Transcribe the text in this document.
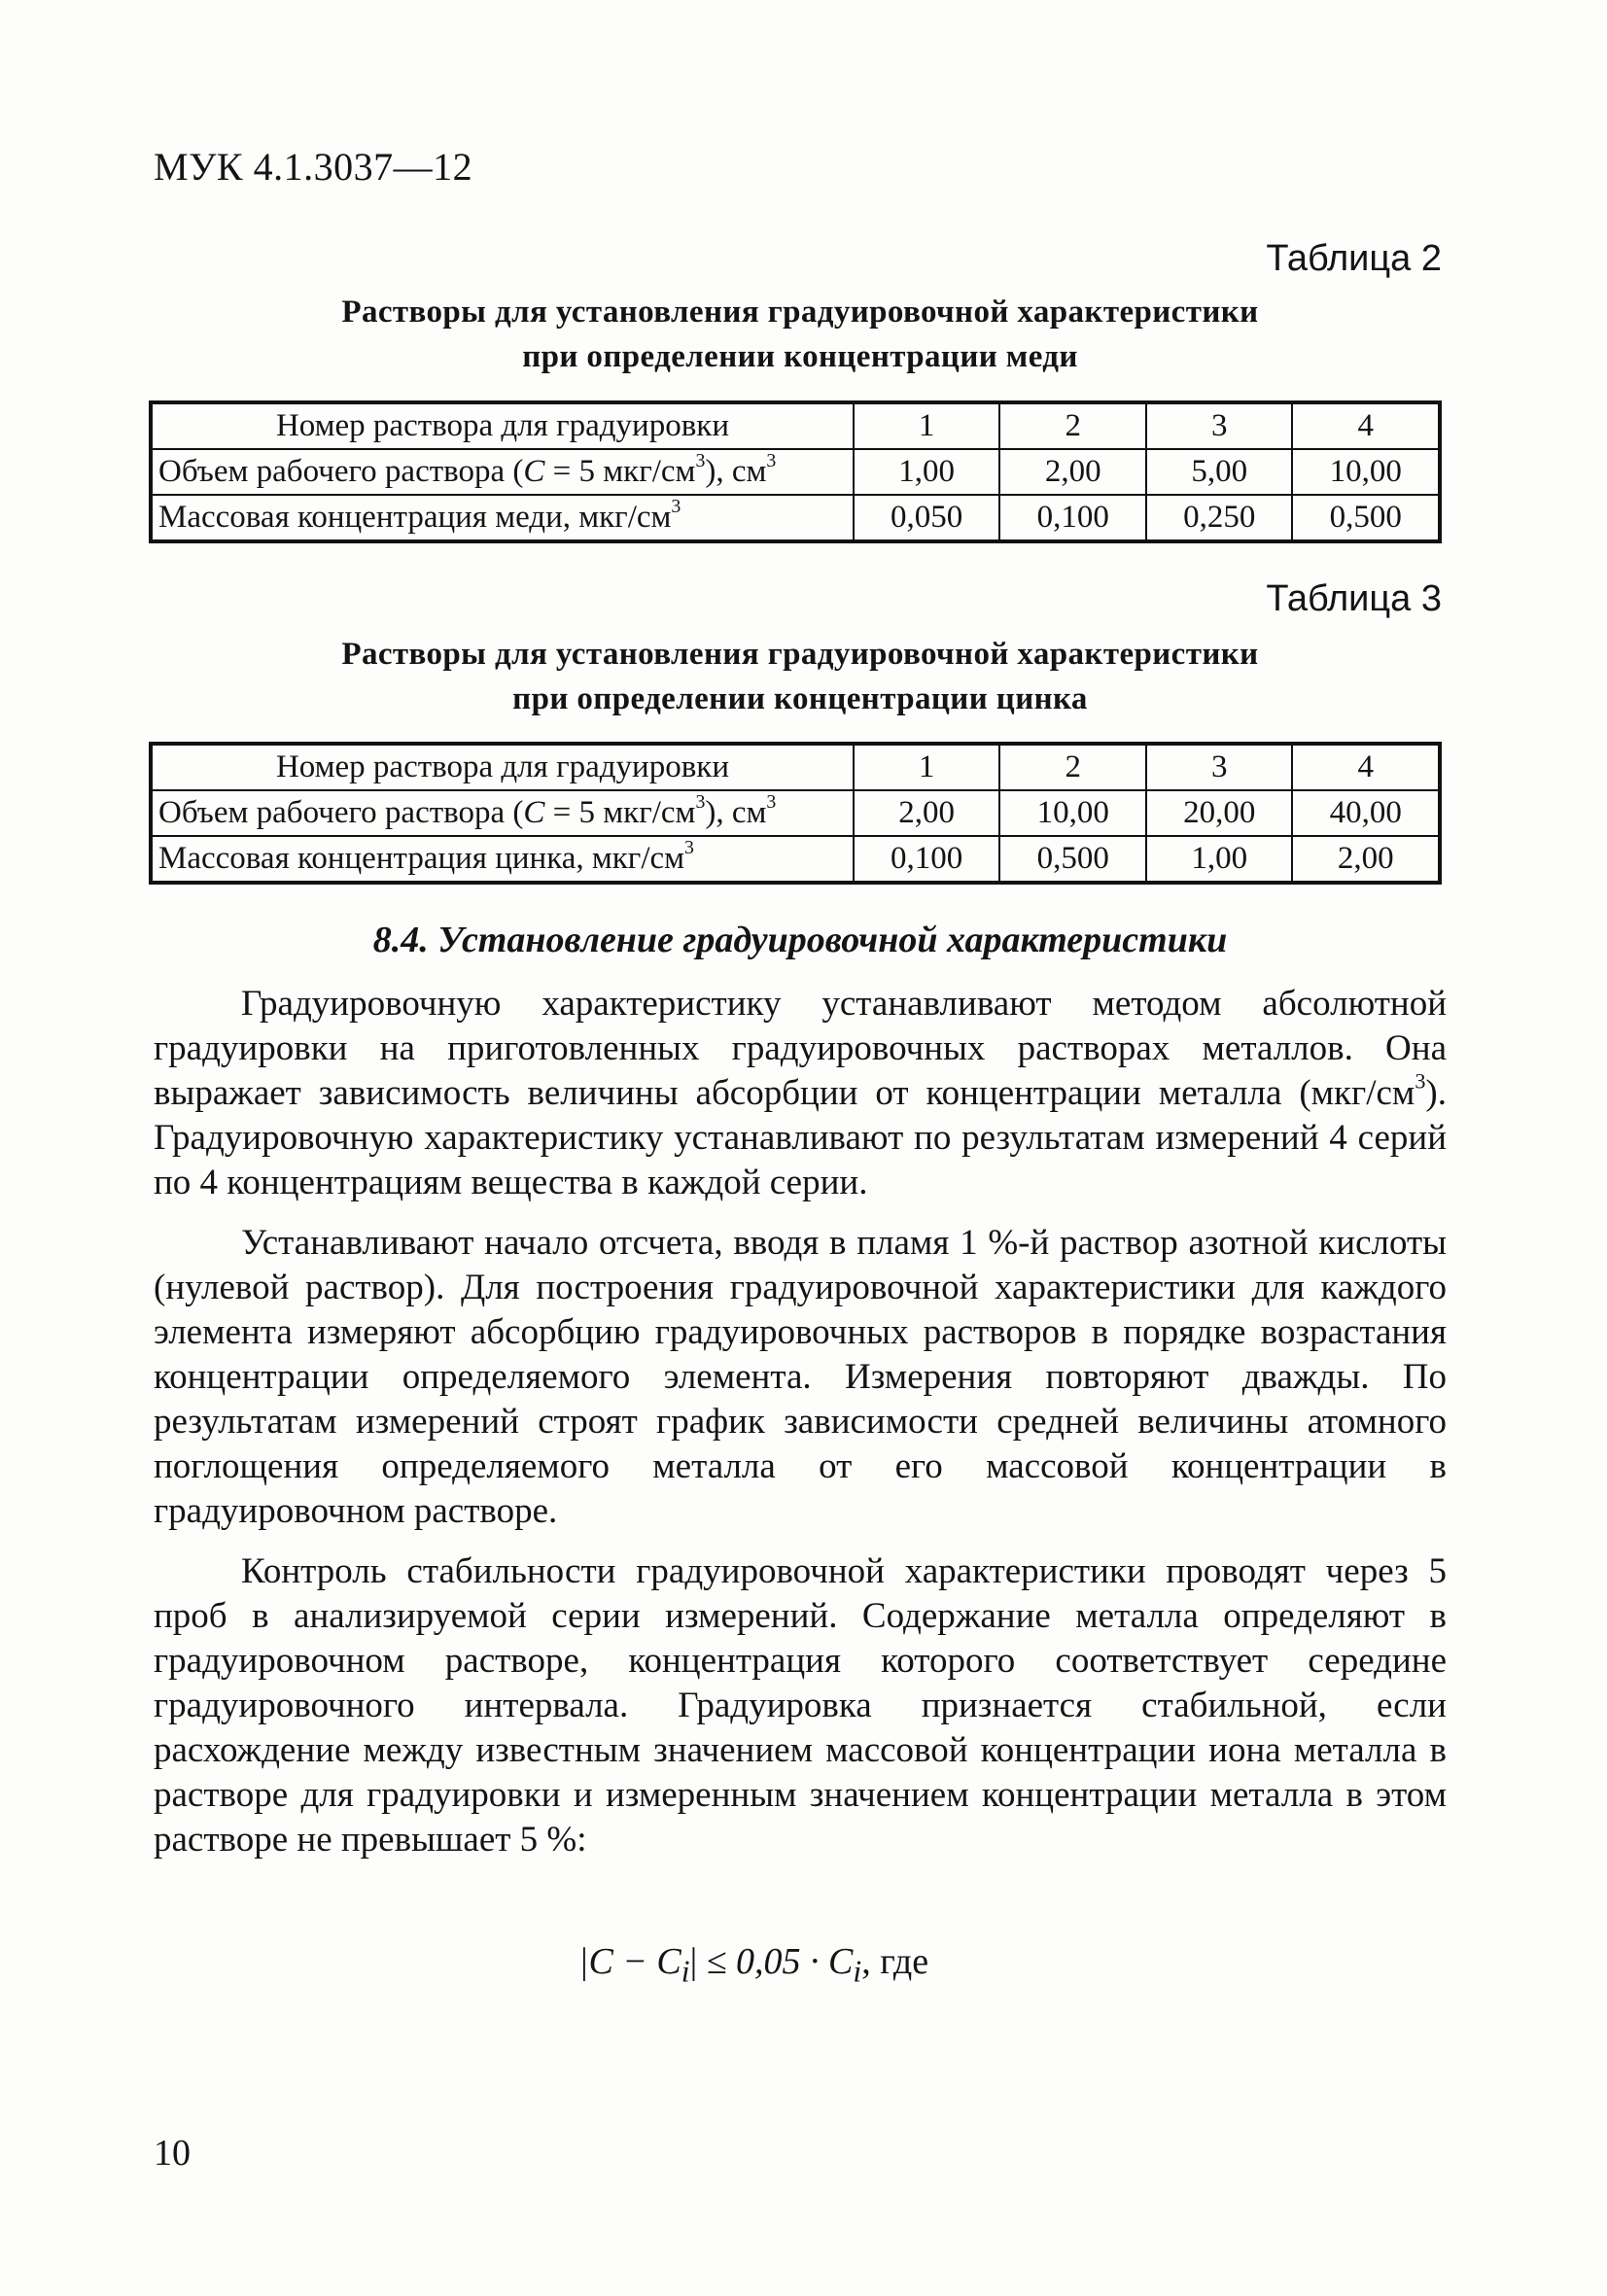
МУК 4.1.3037—12
Таблица 2
Растворы для установления градуировочной характеристики
при определении концентрации меди
Номер раствора для градуировки	1	2	3	4
Объем рабочего раствора (С = 5 мкг/$см^3$), $см^3$	1,00	2,00	5,00	10,00
Массовая концентрация меди, мкг/$см^3$	0,050	0,100	0,250	0,500
Таблица 3
Растворы для установления градуировочной характеристики
при определении концентрации цинка
Номер раствора для градуировки	1	2	3	4
Объем рабочего раствора (С = 5 мкг/$см^3$), $см^3$	2,00	10,00	20,00	40,00
Массовая концентрация цинка, мкг/$см^3$	0,100	0,500	1,00	2,00
8.4. Установление градуировочной характеристики

Градуировочную характеристику устанавливают методом абсолютной градуировки на приготовленных градуировочных растворах металлов. Она выражает зависимость величины абсорбции от концентрации металла $(мкг/см^3)$. Градуировочную характеристику устанавливают по результатам измерений 4 серий по 4 концентрациям вещества в каждой серии.

Устанавливают начало отсчета, вводя в пламя 1 %-й раствор азотной кислоты (нулевой раствор). Для построения градуировочной характеристики для каждого элемента измеряют абсорбцию градуировочных растворов в порядке возрастания концентрации определяемого элемента. Измерения повторяют дважды. По результатам измерений строят график зависимости средней величины атомного поглощения определяемого металла от его массовой концентрации в градуировочном растворе.

Контроль стабильности градуировочной характеристики проводят через 5 проб в анализируемой серии измерений. Содержание металла определяют в градуировочном растворе, концентрация которого соответствует середине градуировочного интервала. Градуировка признается стабильной, если расхождение между известным значением массовой концентрации иона металла в растворе для градуировки и измеренным значением концентрации металла в этом растворе не превышает 5 %:

$|C - C_i| \le 0,05 \cdot C_i$, где
10
